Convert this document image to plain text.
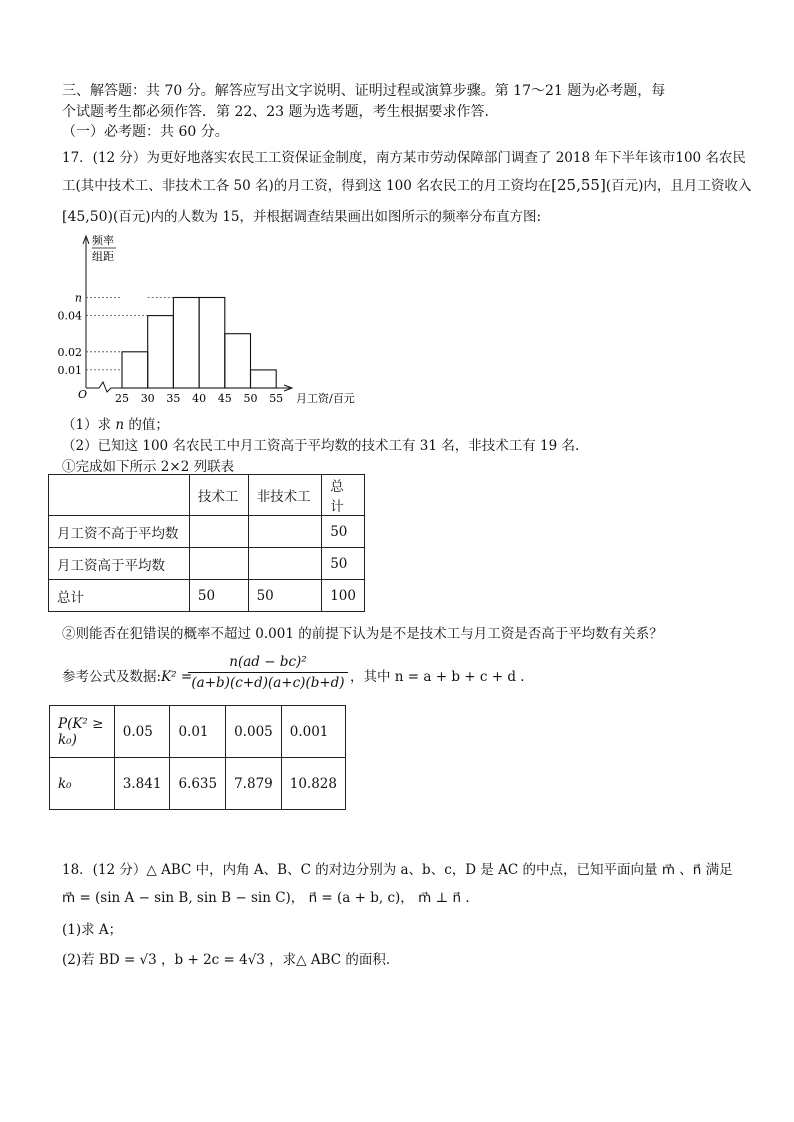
三、解答题：共 70 分。解答应写出文字说明、证明过程或演算步骤。第 17～21 题为必考题，每
个试题考生都必须作答．第 22、23 题为选考题，考生根据要求作答．
（一）必考题：共 60 分。
17．(12 分）为更好地落实农民工工资保证金制度，南方某市劳动保障部门调查了 2018 年下半年该市100 名农民
工(其中技术工、非技术工各 50 名)的月工资，得到这 100 名农民工的月工资均在[25,55](百元)内，且月工资收入
[45,50)(百元)内的人数为 15，并根据调查结果画出如图所示的频率分布直方图:
频率
组距
O
n
0.04
0.02
0.01
25 30 35 40 45 50 55 月工资/百元
（1）求 n 的值；
（2）已知这 100 名农民工中月工资高于平均数的技术工有 31 名，非技术工有 19 名.
①完成如下所示 2×2 列联表
	技术工	非技术工	总计
月工资不高于平均数			50
月工资高于平均数			50
总计	50	50	100
②则能否在犯错误的概率不超过 0.001 的前提下认为是不是技术工与月工资是否高于平均数有关系？
参考公式及数据:K² =
$\frac{\text{n(ad − bc)²}}{(a+b)(c+d)(a+c)(b+d)}$ ，其中 n = a + b + c + d .
P(K² ≥ k₀)	0.05	0.01	0.005	0.001
k₀	3.841	6.635	7.879	10.828
18．(12 分）△ ABC 中，内角 A、B、C 的对边分别为 a、b、c，D 是 AC 的中点，已知平面向量 m⃗ 、n⃗ 满足
m⃗ = (sin A − sin B, sin B − sin C)， n⃗ = (a + b, c)， m⃗ ⊥ n⃗ .
(1)求 A；
(2)若 BD = √3 ，b + 2c = 4√3 ，求△ ABC 的面积.
